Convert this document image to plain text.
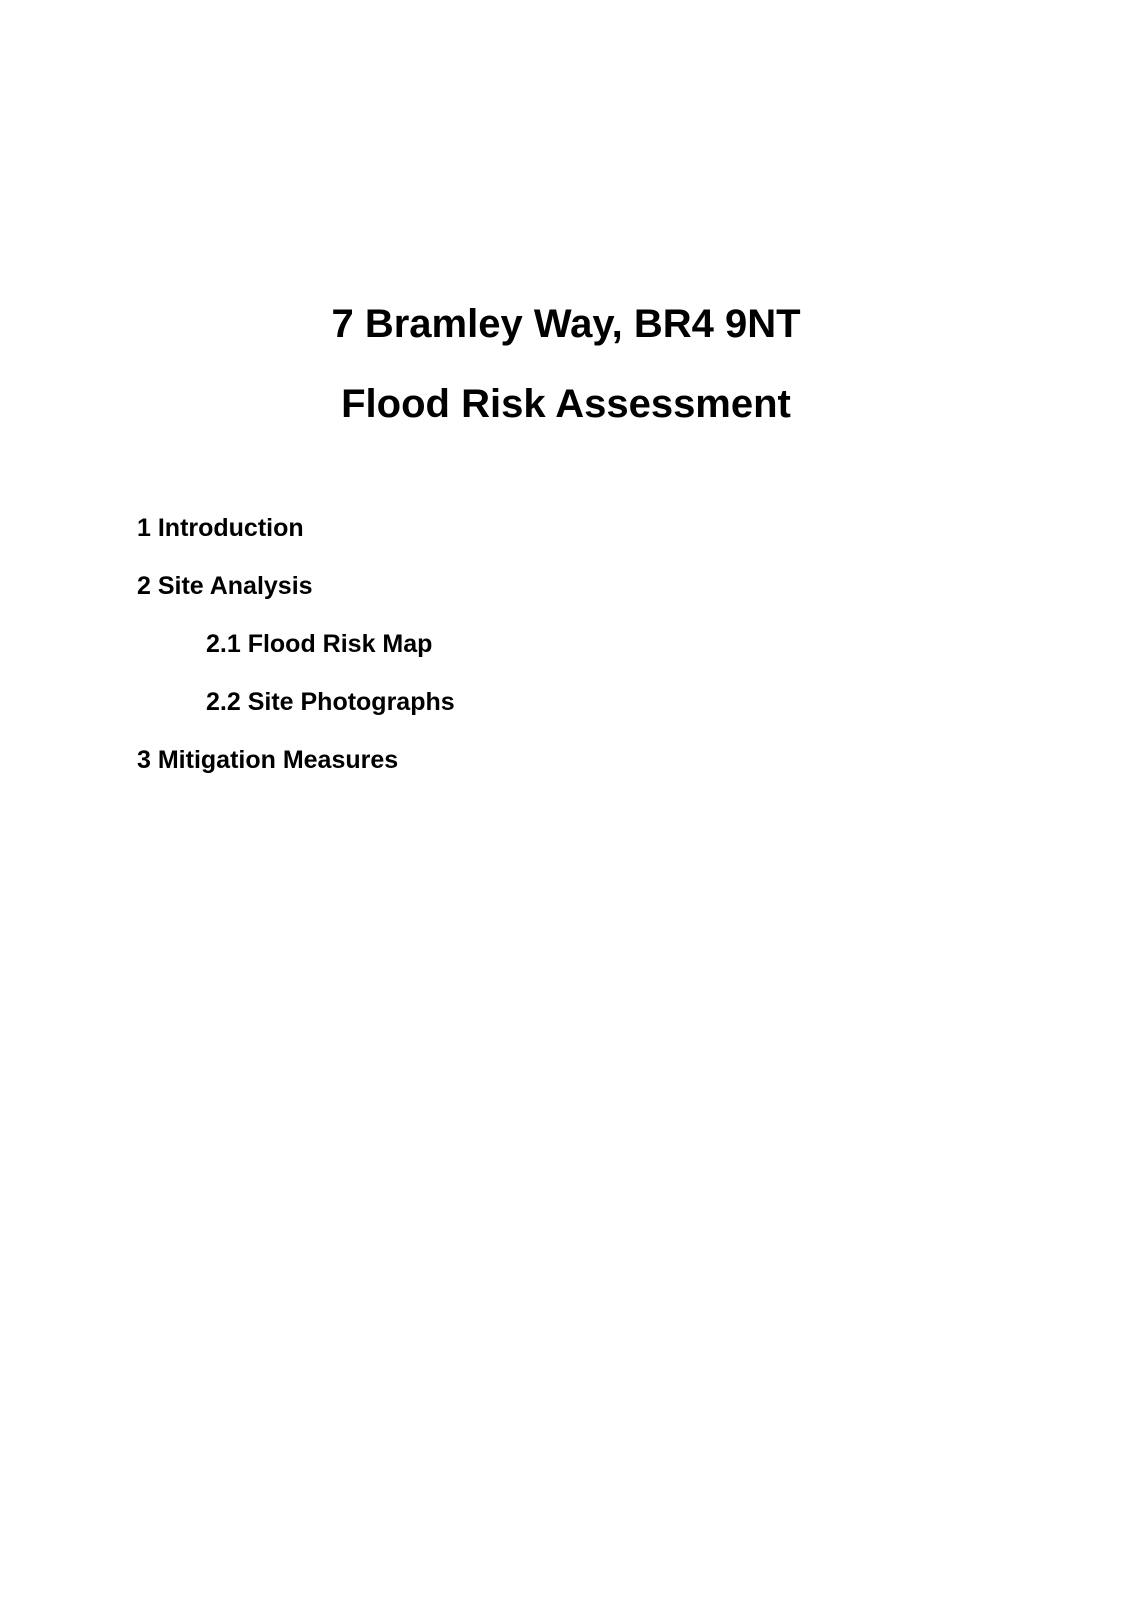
7 Bramley Way, BR4 9NT
Flood Risk Assessment
1 Introduction
2 Site Analysis
2.1 Flood Risk Map
2.2 Site Photographs
3 Mitigation Measures
